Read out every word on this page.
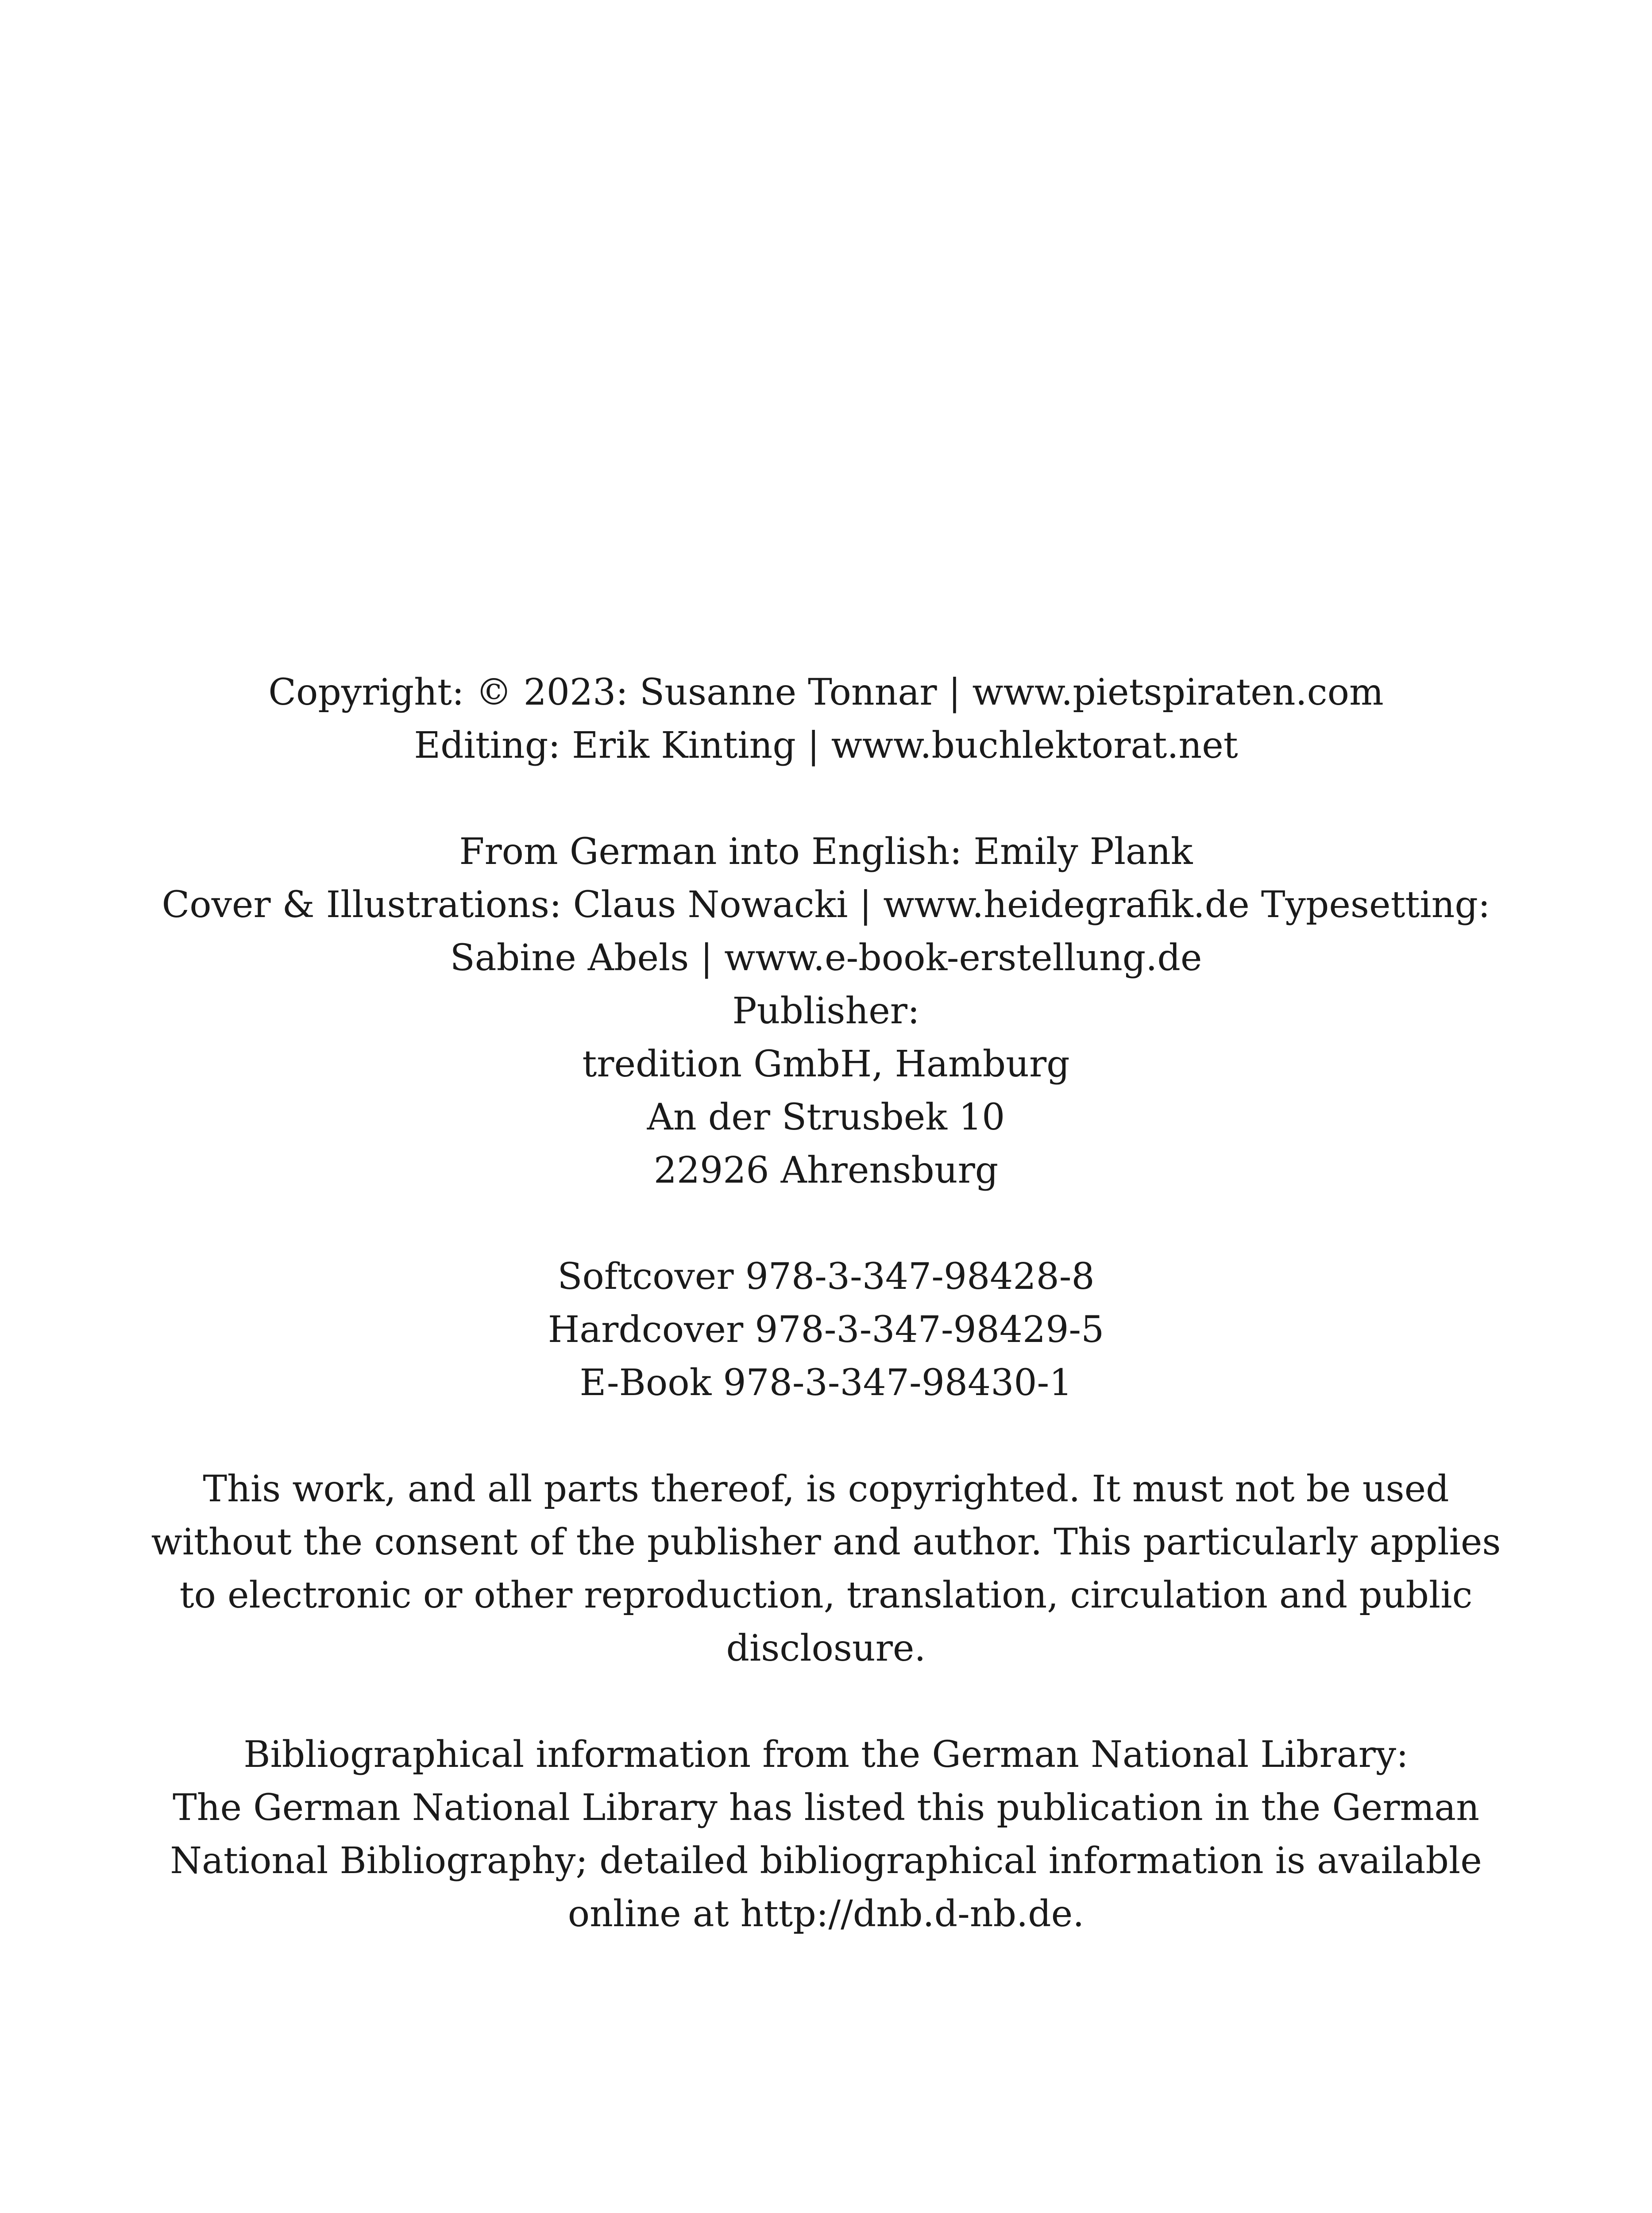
Copyright: © 2023: Susanne Tonnar | www.pietspiraten.com
Editing: Erik Kinting | www.buchlektorat.net
From German into English: Emily Plank
Cover & Illustrations: Claus Nowacki | www.heidegrafik.de Typesetting:
Sabine Abels | www.e-book-erstellung.de
Publisher:
tredition GmbH, Hamburg
An der Strusbek 10
22926 Ahrensburg
Softcover 978-3-347-98428-8
Hardcover 978-3-347-98429-5
E-Book 978-3-347-98430-1
This work, and all parts thereof, is copyrighted. It must not be used
without the consent of the publisher and author. This particularly applies
to electronic or other reproduction, translation, circulation and public
disclosure.
Bibliographical information from the German National Library:
The German National Library has listed this publication in the German
National Bibliography; detailed bibliographical information is available
online at http://dnb.d-nb.de.
